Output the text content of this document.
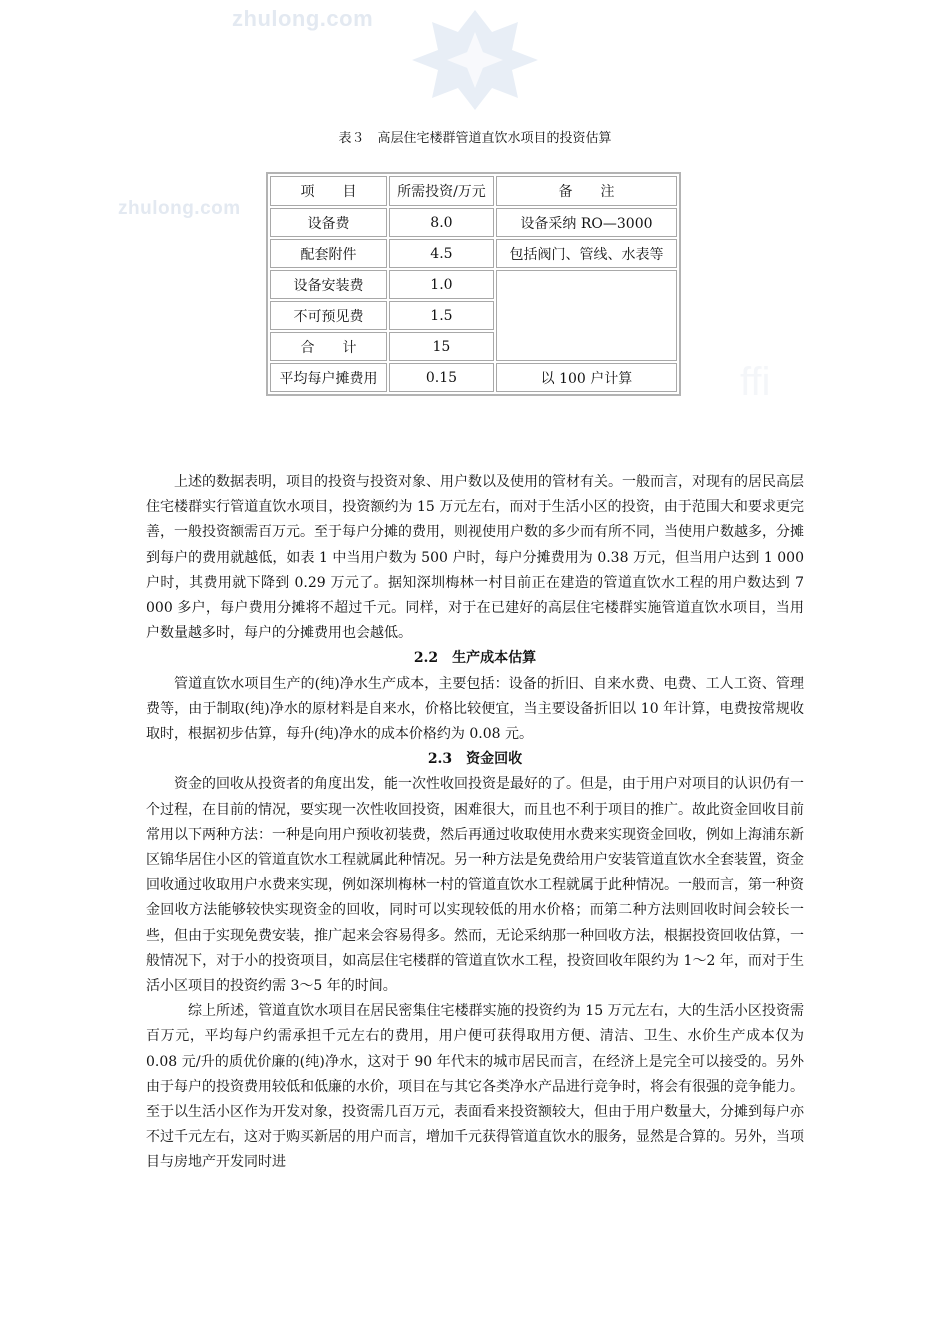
zhulong.com
zhulong.com
ffi
表３　高层住宅楼群管道直饮水项目的投资估算
项　　目	所需投资/万元	备　　注
设备费	8.0	设备采纳 RO—3000
配套附件	4.5	包括阀门、管线、水表等
设备安装费	1.0	
不可预见费	1.5	
合　　计	15	
平均每户摊费用	0.15	以 100 户计算

上述的数据表明，项目的投资与投资对象、用户数以及使用的管材有关。一般而言，对现有的居民高层住宅楼群实行管道直饮水项目，投资额约为 15 万元左右，而对于生活小区的投资，由于范围大和要求更完善，一般投资额需百万元。至于每户分摊的费用，则视使用户数的多少而有所不同，当使用户数越多，分摊到每户的费用就越低，如表 1 中当用户数为 500 户时，每户分摊费用为 0.38 万元，但当用户达到 1 000 户时，其费用就下降到 0.29 万元了。据知深圳梅林一村目前正在建造的管道直饮水工程的用户数达到 7 000 多户，每户费用分摊将不超过千元。同样，对于在已建好的高层住宅楼群实施管道直饮水项目，当用户数量越多时，每户的分摊费用也会越低。

2.2　生产成本估算

管道直饮水项目生产的(纯)净水生产成本，主要包括：设备的折旧、自来水费、电费、工人工资、管理费等，由于制取(纯)净水的原材料是自来水，价格比较便宜，当主要设备折旧以 10 年计算，电费按常规收取时，根据初步估算，每升(纯)净水的成本价格约为 0.08 元。

2.3　资金回收

资金的回收从投资者的角度出发，能一次性收回投资是最好的了。但是，由于用户对项目的认识仍有一个过程，在目前的情况，要实现一次性收回投资，困难很大，而且也不利于项目的推广。故此资金回收目前常用以下两种方法：一种是向用户预收初装费，然后再通过收取使用水费来实现资金回收，例如上海浦东新区锦华居住小区的管道直饮水工程就属此种情况。另一种方法是免费给用户安装管道直饮水全套装置，资金回收通过收取用户水费来实现，例如深圳梅林一村的管道直饮水工程就属于此种情况。一般而言，第一种资金回收方法能够较快实现资金的回收，同时可以实现较低的用水价格；而第二种方法则回收时间会较长一些，但由于实现免费安装，推广起来会容易得多。然而，无论采纳那一种回收方法，根据投资回收估算，一般情况下，对于小的投资项目，如高层住宅楼群的管道直饮水工程，投资回收年限约为 1～2 年，而对于生活小区项目的投资约需 3～5 年的时间。

综上所述，管道直饮水项目在居民密集住宅楼群实施的投资约为 15 万元左右，大的生活小区投资需百万元，平均每户约需承担千元左右的费用，用户便可获得取用方便、清洁、卫生、水价生产成本仅为 0.08 元/升的质优价廉的(纯)净水，这对于 90 年代末的城市居民而言，在经济上是完全可以接受的。另外由于每户的投资费用较低和低廉的水价，项目在与其它各类净水产品进行竞争时，将会有很强的竞争能力。至于以生活小区作为开发对象，投资需几百万元，表面看来投资额较大，但由于用户数量大，分摊到每户亦不过千元左右，这对于购买新居的用户而言，增加千元获得管道直饮水的服务，显然是合算的。另外，当项目与房地产开发同时进
